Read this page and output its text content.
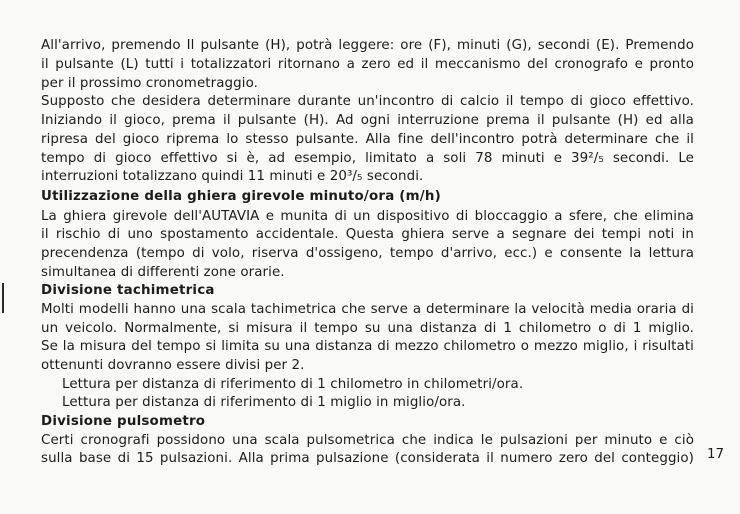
All'arrivo, premendo Il pulsante (H), potrà leggere: ore (F), minuti (G), secondi (E). Premendo
il pulsante (L) tutti i totalizzatori ritornano a zero ed il meccanismo del cronografo e pronto
per il prossimo cronometraggio.
Supposto che desidera determinare durante un'incontro di calcio il tempo di gioco effettivo.
Iniziando il gioco, prema il pulsante (H). Ad ogni interruzione prema il pulsante (H) ed alla
ripresa del gioco riprema lo stesso pulsante. Alla fine dell'incontro potrà determinare che il
tempo di gioco effettivo si è, ad esempio, limitato a soli 78 minuti e 39²/₅ secondi. Le
interruzioni totalizzano quindi 11 minuti e 20³/₅ secondi.
Utilizzazione della ghiera girevole minuto/ora (m/h)
La ghiera girevole dell'AUTAVIA e munita di un dispositivo di bloccaggio a sfere, che elimina
il rischio di uno spostamento accidentale. Questa ghiera serve a segnare dei tempi noti in
precendenza (tempo di volo, riserva d'ossigeno, tempo d'arrivo, ecc.) e consente la lettura
simultanea di differenti zone orarie.
Divisione tachimetrica
Molti modelli hanno una scala tachimetrica che serve a determinare la velocità media oraria di
un veicolo. Normalmente, si misura il tempo su una distanza di 1 chilometro o di 1 miglio.
Se la misura del tempo si limita su una distanza di mezzo chilometro o mezzo miglio, i risultati
ottenunti dovranno essere divisi per 2.
Lettura per distanza di riferimento di 1 chilometro in chilometri/ora.
Lettura per distanza di riferimento di 1 miglio in miglio/ora.
Divisione pulsometro
Certi cronografi possidono una scala pulsometrica che indica le pulsazioni per minuto e ciò
sulla base di 15 pulsazioni. Alla prima pulsazione (considerata il numero zero del conteggio) 17
